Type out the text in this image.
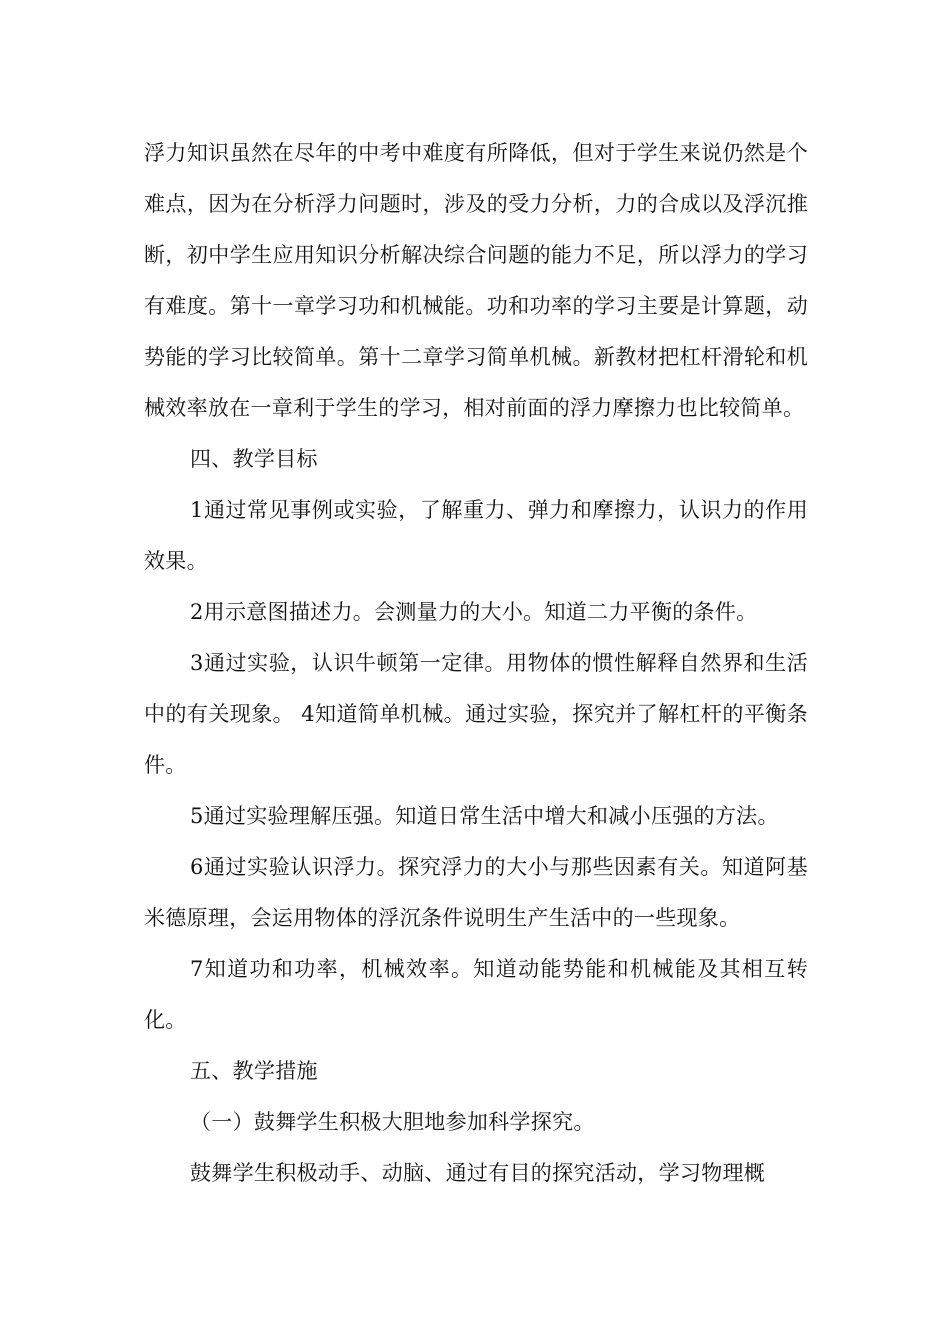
浮力知识虽然在尽年的中考中难度有所降低，但对于学生来说仍然是个难点，因为在分析浮力问题时，涉及的受力分析，力的合成以及浮沉推断，初中学生应用知识分析解决综合问题的能力不足，所以浮力的学习有难度。第十一章学习功和机械能。功和功率的学习主要是计算题，动势能的学习比较简单。第十二章学习简单机械。新教材把杠杆滑轮和机械效率放在一章利于学生的学习，相对前面的浮力摩擦力也比较简单。

四、教学目标

1通过常见事例或实验，了解重力、弹力和摩擦力，认识力的作用效果。

2用示意图描述力。会测量力的大小。知道二力平衡的条件。

3通过实验，认识牛顿第一定律。用物体的惯性解释自然界和生活中的有关现象。 4知道简单机械。通过实验，探究并了解杠杆的平衡条件。

5通过实验理解压强。知道日常生活中增大和减小压强的方法。

6通过实验认识浮力。探究浮力的大小与那些因素有关。知道阿基米德原理，会运用物体的浮沉条件说明生产生活中的一些现象。

7知道功和功率，机械效率。知道动能势能和机械能及其相互转化。

五、教学措施

（一）鼓舞学生积极大胆地参加科学探究。

鼓舞学生积极动手、动脑、通过有目的探究活动，学习物理概
